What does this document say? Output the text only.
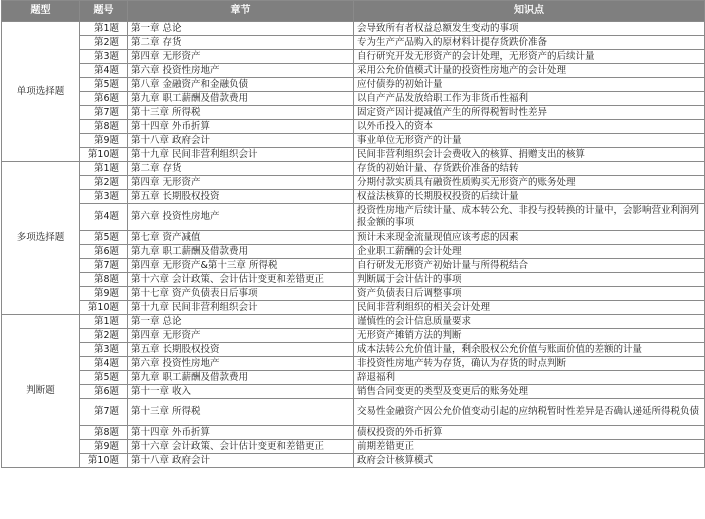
题型	题号	章节	知识点
单项选择题	第1题	第一章 总论	会导致所有者权益总额发生变动的事项
	第2题	第二章 存货	专为生产产品购入的原材料计提存货跌价准备
	第3题	第四章 无形资产	自行研究开发无形资产的会计处理，无形资产的后续计量
	第4题	第六章 投资性房地产	采用公允价值模式计量的投资性房地产的会计处理
	第5题	第八章 金融资产和金融负债	应付债券的初始计量
	第6题	第九章 职工薪酬及借款费用	以自产产品发放给职工作为非货币性福利
	第7题	第十三章 所得税	固定资产因计提减值产生的所得税暂时性差异
	第8题	第十四章 外币折算	以外币投入的资本
	第9题	第十八章 政府会计	事业单位无形资产的计量
	第10题	第十九章 民间非营利组织会计	民间非营利组织会计会费收入的核算、捐赠支出的核算
多项选择题	第1题	第二章 存货	存货的初始计量、存货跌价准备的结转
	第2题	第四章 无形资产	分期付款实质具有融资性质购买无形资产的账务处理
	第3题	第五章 长期股权投资	权益法核算的长期股权投资的后续计量
	第4题	第六章 投资性房地产	投资性房地产后续计量、成本转公允、非投与投转换的计量中，会影响营业利润列报金额的事项
	第5题	第七章 资产减值	预计未来现金流量现值应该考虑的因素
	第6题	第九章 职工薪酬及借款费用	企业职工薪酬的会计处理
	第7题	第四章 无形资产&第十三章 所得税	自行研发无形资产初始计量与所得税结合
	第8题	第十六章 会计政策、会计估计变更和差错更正	判断属于会计估计的事项
	第9题	第十七章 资产负债表日后事项	资产负债表日后调整事项
	第10题	第十九章 民间非营利组织会计	民间非营利组织的相关会计处理
判断题	第1题	第一章 总论	谨慎性的会计信息质量要求
	第2题	第四章 无形资产	无形资产摊销方法的判断
	第3题	第五章 长期股权投资	成本法转公允价值计量，剩余股权公允价值与账面价值的差额的计量
	第4题	第六章 投资性房地产	非投资性房地产转为存货，确认为存货的时点判断
	第5题	第九章 职工薪酬及借款费用	辞退福利
	第6题	第十一章 收入	销售合同变更的类型及变更后的账务处理
	第7题	第十三章 所得税	交易性金融资产因公允价值变动引起的应纳税暂时性差异是否确认递延所得税负债
	第8题	第十四章 外币折算	债权投资的外币折算
	第9题	第十六章 会计政策、会计估计变更和差错更正	前期差错更正
	第10题	第十八章 政府会计	政府会计核算模式
